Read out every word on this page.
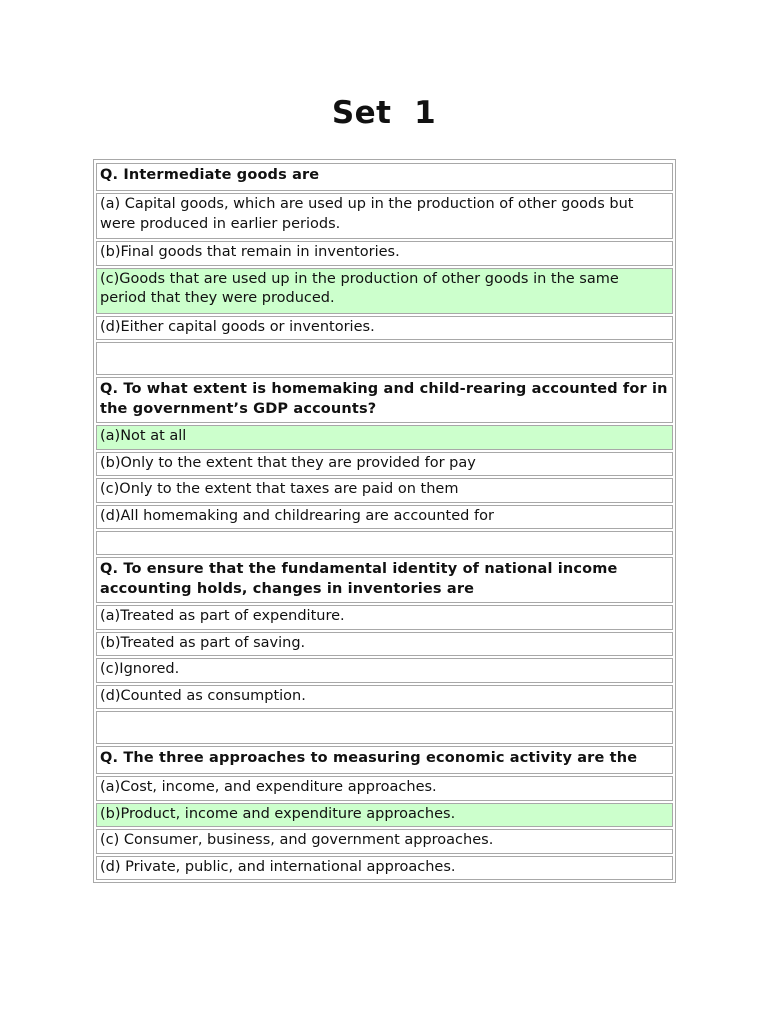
Set  1
Q. Intermediate goods are
(a) Capital goods, which are used up in the production of other goods but were produced in earlier periods.
(b)Final goods that remain in inventories.
(c)Goods that are used up in the production of other goods in the same period that they were produced.
(d)Either capital goods or inventories.
Q. To what extent is homemaking and child-rearing accounted for in the government’s GDP accounts?
(a)Not at all
(b)Only to the extent that they are provided for pay
(c)Only to the extent that taxes are paid on them
(d)All homemaking and childrearing are accounted for
Q. To ensure that the fundamental identity of national income accounting holds, changes in inventories are
(a)Treated as part of expenditure.
(b)Treated as part of saving.
(c)Ignored.
(d)Counted as consumption.
Q. The three approaches to measuring economic activity are the
(a)Cost, income, and expenditure approaches.
(b)Product, income and expenditure approaches.
(c) Consumer, business, and government approaches.
(d) Private, public, and international approaches.
